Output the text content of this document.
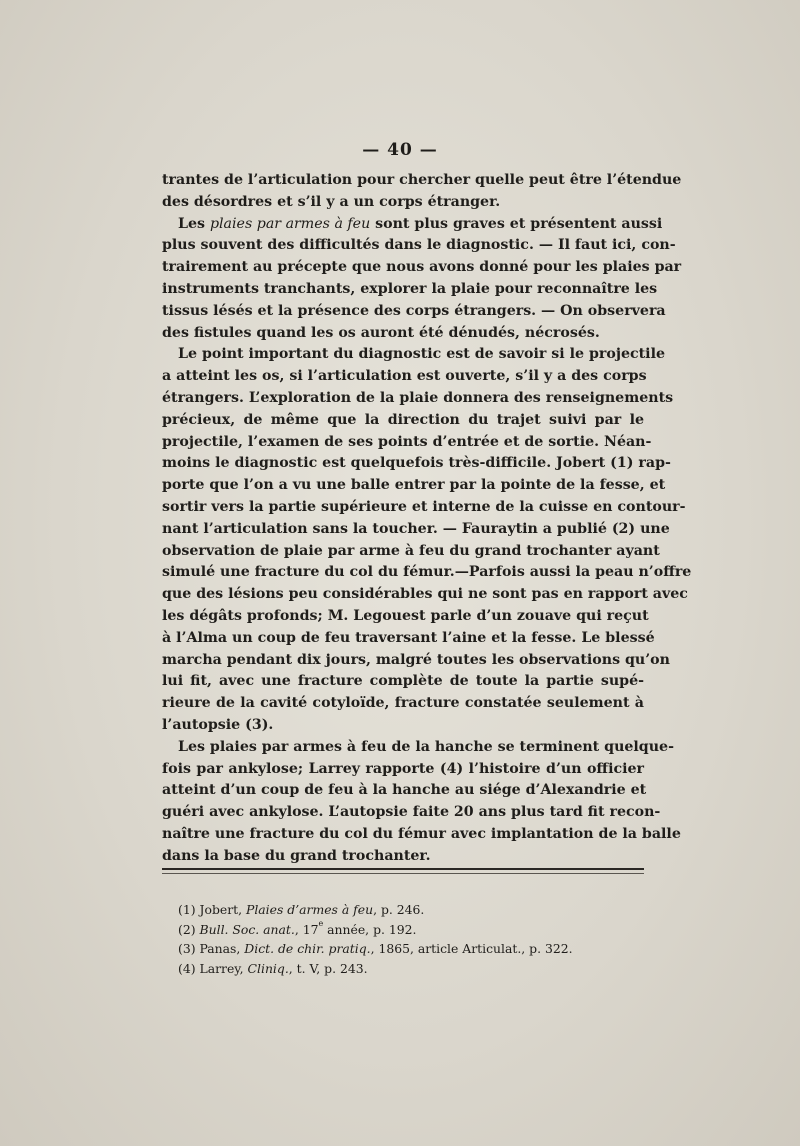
— 40 —
trantes de l’articulation pour chercher quelle peut être l’étendue
des désordres et s’il y a un corps étranger.
Les plaies par armes à feu sont plus graves et présentent aussi
plus souvent des difficultés dans le diagnostic. — Il faut ici, con-
trairement au précepte que nous avons donné pour les plaies par
instruments tranchants, explorer la plaie pour reconnaître les
tissus lésés et la présence des corps étrangers. — On observera
des fistules quand les os auront été dénudés, nécrosés.
Le point important du diagnostic est de savoir si le projectile
a atteint les os, si l’articulation est ouverte, s’il y a des corps
étrangers. L’exploration de la plaie donnera des renseignements
précieux, de même que la direction du trajet suivi par le
projectile, l’examen de ses points d’entrée et de sortie. Néan-
moins le diagnostic est quelquefois très-difficile. Jobert (1) rap-
porte que l’on a vu une balle entrer par la pointe de la fesse, et
sortir vers la partie supérieure et interne de la cuisse en contour-
nant l’articulation sans la toucher. — Fauraytin a publié (2) une
observation de plaie par arme à feu du grand trochanter ayant
simulé une fracture du col du fémur.—Parfois aussi la peau n’offre
que des lésions peu considérables qui ne sont pas en rapport avec
les dégâts profonds; M. Legouest parle d’un zouave qui reçut
à l’Alma un coup de feu traversant l’aine et la fesse. Le blessé
marcha pendant dix jours, malgré toutes les observations qu’on
lui fit, avec une fracture complète de toute la partie supé-
rieure de la cavité cotyloïde, fracture constatée seulement à
l’autopsie (3).
Les plaies par armes à feu de la hanche se terminent quelque-
fois par ankylose; Larrey rapporte (4) l’histoire d’un officier
atteint d’un coup de feu à la hanche au siége d’Alexandrie et
guéri avec ankylose. L’autopsie faite 20 ans plus tard fit recon-
naître une fracture du col du fémur avec implantation de la balle
dans la base du grand trochanter.
(1) Jobert, Plaies d’armes à feu, p. 246.
(2) Bull. Soc. anat., 17e année, p. 192.
(3) Panas, Dict. de chir. pratiq., 1865, article Articulat., p. 322.
(4) Larrey, Cliniq., t. V, p. 243.
